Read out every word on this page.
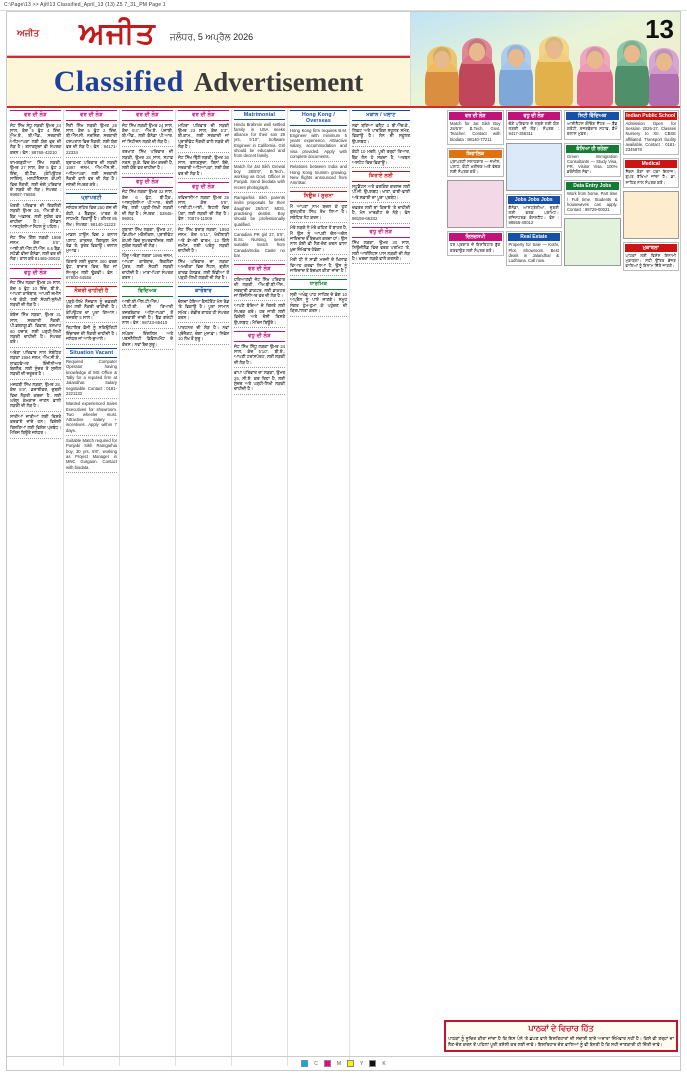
C:\Page\13 >> Ajit\13 Classified_April_13 (13) Z5 7_31_PM Page 1
ਅਜੀਤ	ਅਜੀਤ ਜਲੰਧਰ, 5 ਅਪ੍ਰੈਲ 2026
Classified Advertisement
13
ਵਰ ਦੀ ਲੋੜ
ਜੱਟ ਸਿੱਖ ਸੰਧੂ ਲੜਕੀ ਉਮਰ 24 ਸਾਲ, ਕੱਦ 5 ਫੁੱਟ 4 ਇੰਚ, ਐਮ.ਏ., ਬੀ.ਐੱਡ., ਸਰਕਾਰੀ ਅਧਿਆਪਕਾ ਲਈ ਯੋਗ ਵਰ ਦੀ ਲੋੜ ਹੈ। ਤਲਾਕਸ਼ੁਦਾ ਵੀ ਸੰਪਰਕ ਕਰਨ। ਫੋਨ : 98765-43210
ਰਾਮਗੜ੍ਹੀਆ ਸਿੱਖ ਲੜਕੀ, ਉਮਰ 27 ਸਾਲ, ਕੱਦ 5 ਫੁੱਟ 3 ਇੰਚ, ਬੀ.ਟੈੱਕ. (ਕੰਪਿਊਟਰ ਸਾਇੰਸ), ਮਲਟੀਨੈਸ਼ਨਲ ਕੰਪਨੀ ਵਿਚ ਨੌਕਰੀ, ਲਈ ਚੰਗੇ ਪਰਿਵਾਰ ਦੇ ਲੜਕੇ ਦੀ ਲੋੜ। ਸੰਪਰਕ : 99887-76655
ਖੱਤਰੀ ਪਰਿਵਾਰ ਦੀ ਇਕਲੌਤੀ ਲੜਕੀ ਉਮਰ 25, ਐੱਮ.ਬੀ.ਏ., ਬੈਂਕ ਅਫ਼ਸਰ, ਲਈ ਸੁਯੋਗ ਵਰ ਚਾਹੀਦਾ ਹੈ। ਕੈਨੇਡਾ/ਆਸਟ੍ਰੇਲੀਆ ਸੈਟਲ ਨੂੰ ਪਹਿਲ।
ਜੱਟ ਸਿੱਖ ਗਿੱਲ ਲੜਕੀ 1998 ਜਨਮ, ਕੱਦ 5'5", ਆਈ.ਈ.ਐੱਲ.ਟੀ.ਐੱਸ. 6.5 ਬੈਂਡ, ਸਟੱਡੀ ਵੀਜ਼ਾ ਕੈਨੇਡਾ, ਲਈ ਵਰ ਦੀ ਲੋੜ। ਕਾਲ ਕਰੋ 81465-30022
ਵਧੂ ਦੀ ਲੋੜ
ਜੱਟ ਸਿੱਖ ਲੜਕਾ ਉਮਰ 29 ਸਾਲ, ਕੱਦ 5 ਫੁੱਟ 10 ਇੰਚ, ਬੀ.ਏ., ਆਪਣਾ ਕਾਰੋਬਾਰ, ਆਪਣੀ ਜ਼ਮੀਨ ਅਤੇ ਕੋਠੀ, ਲਈ ਸੋਹਣੀ-ਸੁਨੱਖੀ ਲੜਕੀ ਦੀ ਲੋੜ ਹੈ।
ਕੰਬੋਜ ਸਿੱਖ ਲੜਕਾ, ਉਮਰ 31 ਸਾਲ, ਸਰਕਾਰੀ ਨੌਕਰੀ, ਪੀ.ਡਬਲਯੂ.ਡੀ. ਵਿਭਾਗ, ਤਨਖਾਹ 60 ਹਜ਼ਾਰ, ਲਈ ਪੜ੍ਹੀ-ਲਿਖੀ ਲੜਕੀ ਚਾਹੀਦੀ ਹੈ। ਸੰਪਰਕ ਕਰੋ।
ਅਰੋੜਾ ਪਰਿਵਾਰ ਨਾਲ ਸੰਬੰਧਿਤ ਲੜਕਾ 1994 ਜਨਮ, ਐੱਮ.ਸੀ.ਏ., ਸਾਫ਼ਟਵੇਅਰ ਇੰਜੀਨੀਅਰ ਬੰਗਲੌਰ, ਲਈ ਸੁੰਦਰ ਤੇ ਸੁਸ਼ੀਲ ਲੜਕੀ ਦੀ ਜ਼ਰੂਰਤ ਹੈ।
ਮਜ਼ਹਬੀ ਸਿੱਖ ਲੜਕਾ, ਉਮਰ 28, ਕੱਦ 5'9", ਡਰਾਈਵਰ, ਦੁਬਈ ਵਿਚ ਨੌਕਰੀ ਕਰਦਾ ਹੈ, ਲਈ ਘਰੇਲੂ ਕੰਮਕਾਜ ਜਾਣਨ ਵਾਲੀ ਲੜਕੀ ਦੀ ਲੋੜ ਹੈ।
ਸਾਰੀਆਂ ਜਾਤੀਆਂ ਲਈ ਰਿਸ਼ਤੇ ਕਰਵਾਏ ਜਾਂਦੇ ਹਨ। ਵਿਦੇਸ਼ੀ ਰਿਸ਼ਤਿਆਂ ਲਈ ਵਿਸ਼ੇਸ਼ ਪ੍ਰਬੰਧ। ਮੈਰਿਜ ਬਿਊਰੋ ਜਲੰਧਰ।
ਵਰ ਦੀ ਲੋੜ
ਸੈਣੀ ਸਿੱਖ ਲੜਕੀ ਉਮਰ 26 ਸਾਲ, ਕੱਦ 5 ਫੁੱਟ 2 ਇੰਚ, ਬੀ.ਐੱਸ.ਸੀ. ਨਰਸਿੰਗ, ਸਰਕਾਰੀ ਹਸਪਤਾਲ ਵਿਚ ਨੌਕਰੀ, ਲਈ ਯੋਗ ਵਰ ਦੀ ਲੋੜ ਹੈ। ਫੋਨ : 94171-22334
ਬ੍ਰਾਹਮਣ ਪਰਿਵਾਰ ਦੀ ਲੜਕੀ 1997 ਜਨਮ, ਐੱਮ.ਐੱਸ.ਸੀ., ਅਧਿਆਪਕਾ, ਲਈ ਸਰਕਾਰੀ ਨੌਕਰੀ ਵਾਲੇ ਵਰ ਦੀ ਲੋੜ ਹੈ। ਜਲਦੀ ਸੰਪਰਕ ਕਰੋ।
ਪ੍ਰਾਪਰਟੀ
ਜਲੰਧਰ ਸ਼ਹਿਰ ਵਿਚ 250 ਗਜ਼ ਦੀ ਕੋਠੀ, 4 ਬੈੱਡਰੂਮ, ਪਾਰਕ ਦੇ ਸਾਹਮਣੇ, ਵਿਕਾਊ ਹੈ। ਕੀਮਤ 85 ਲੱਖ। ਸੰਪਰਕ : 98140-11223
ਮਾਡਲ ਟਾਊਨ ਵਿਚ 2 ਕਨਾਲ ਪਲਾਟ, ਕਾਰਨਰ, ਬਿਲਕੁਲ ਮੇਨ ਰੋਡ 'ਤੇ, ਤੁਰੰਤ ਵਿਕਾਊ। ਦਲਾਲ ਮੁਆਫ਼।
ਕਿਰਾਏ ਲਈ ਦੁਕਾਨ 300 ਵਰਗ ਫੁੱਟ, ਬਾਜ਼ਾਰ ਵਿਚ, ਬੈਂਕ ਜਾਂ ਸ਼ੋਅਰੂਮ ਲਈ ਢੁੱਕਵੀਂ। ਫੋਨ : 97800-44556
ਨੌਕਰੀ ਚਾਹੀਦੀ ਹੈ
ਪੜ੍ਹੇ-ਲਿਖੇ ਨੌਜਵਾਨ ਨੂੰ ਦਫ਼ਤਰੀ ਕੰਮ ਲਈ ਨੌਕਰੀ ਚਾਹੀਦੀ ਹੈ। ਕੰਪਿਊਟਰ ਦਾ ਪੂਰਾ ਗਿਆਨ। ਤਜਰਬਾ 5 ਸਾਲ।
ਰਿਟਾਇਰ ਫ਼ੌਜੀ ਨੂੰ ਸਕਿਉਰਿਟੀ ਇੰਚਾਰਜ ਦੀ ਨੌਕਰੀ ਚਾਹੀਦੀ ਹੈ। ਜਲੰਧਰ ਜਾਂ ਆਲੇ-ਦੁਆਲੇ।
Situation Vacant
Required Computer Operator having knowledge of MS Office & Tally for a reputed firm at Jalandhar. Salary negotiable. Contact : 0181-2221133
Wanted experienced Sales Executives for showroom. Two wheeler must. Attractive salary + incentives. Apply within 7 days.
Suitable Match required for Punjabi Sikh Ramgarhia boy, 30 yrs, 5'8", working as Project Manager in MNC Gurgaon. Contact with biodata.
ਵਰ ਦੀ ਲੋੜ
ਜੱਟ ਸਿੱਖ ਲੜਕੀ ਉਮਰ 24 ਸਾਲ, ਕੱਦ 5'4", ਐੱਮ.ਏ. ਪੰਜਾਬੀ, ਬੀ.ਐੱਡ., ਲਈ ਕੈਨੇਡਾ ਪੀ.ਆਰ. ਜਾਂ ਸਿਟੀਜ਼ਨ ਲੜਕੇ ਦੀ ਲੋੜ ਹੈ।
ਤਰਖਾਣ ਸਿੱਖ ਪਰਿਵਾਰ ਦੀ ਲੜਕੀ, ਉਮਰ 28 ਸਾਲ, ਸਟਾਫ਼ ਨਰਸ, ਯੂ.ਕੇ. ਵਿਚ ਕੰਮ ਕਰਦੀ ਹੈ, ਲਈ ਯੋਗ ਵਰ ਚਾਹੀਦਾ ਹੈ।
ਵਧੂ ਦੀ ਲੋੜ
ਜੱਟ ਸਿੱਖ ਲੜਕਾ ਉਮਰ 32 ਸਾਲ, ਕੱਦ 6 ਫੁੱਟ, ਬੀ.ਟੈੱਕ., ਆਸਟ੍ਰੇਲੀਆ ਪੀ.ਆਰ., ਚੰਗੀ ਜੌਬ, ਲਈ ਪੜ੍ਹੀ-ਲਿਖੀ ਲੜਕੀ ਦੀ ਲੋੜ ਹੈ। ਸੰਪਰਕ : 62845-99001
ਲੁਬਾਣਾ ਸਿੱਖ ਲੜਕਾ, ਉਮਰ 27, ਡਿਪਲੋਮਾ ਮਕੈਨੀਕਲ, ਪ੍ਰਾਈਵੇਟ ਕੰਪਨੀ ਵਿਚ ਸੁਪਰਵਾਈਜ਼ਰ, ਲਈ ਸੁਯੋਗ ਲੜਕੀ ਦੀ ਲੋੜ।
ਹਿੰਦੂ ਅਰੋੜਾ ਲੜਕਾ 1995 ਜਨਮ, ਆਪਣਾ ਕਾਰੋਬਾਰ, ਇਕਲੌਤਾ ਪੁੱਤਰ, ਲਈ ਸੋਹਣੀ ਲੜਕੀ ਚਾਹੀਦੀ ਹੈ। ਮਾਤਾ-ਪਿਤਾ ਸੰਪਰਕ ਕਰਨ।
ਵਿਦਿਅਕ
ਆਈ.ਈ.ਐੱਲ.ਟੀ.ਐੱਸ./ਪੀ.ਟੀ.ਈ. ਦੀ ਤਿਆਰੀ ਤਜਰਬੇਕਾਰ ਅਧਿਆਪਕਾਂ ਤੋਂ ਕਰਵਾਈ ਜਾਂਦੀ ਹੈ। ਬੈਂਡ ਗਰੰਟੀ ਨਾਲ। ਫੋਨ : 98723-65410
ਸਪੋਕਨ ਇੰਗਲਿਸ਼ ਅਤੇ ਪਰਸਨੈਲਿਟੀ ਡਿਵੈਲਪਮੈਂਟ ਦੇ ਕੋਰਸ। ਨਵਾਂ ਬੈਚ ਸ਼ੁਰੂ।
ਵਰ ਦੀ ਲੋੜ
ਮਹਿਰਾ ਪਰਿਵਾਰ ਦੀ ਲੜਕੀ ਉਮਰ 23 ਸਾਲ, ਕੱਦ 5'3", ਬੀ.ਕਾਮ., ਲਈ ਸਰਕਾਰੀ ਜਾਂ ਪ੍ਰਾਈਵੇਟ ਨੌਕਰੀ ਵਾਲੇ ਲੜਕੇ ਦੀ ਲੋੜ ਹੈ।
ਜੱਟ ਸਿੱਖ ਢਿੱਲੋਂ ਲੜਕੀ, ਉਮਰ 30 ਸਾਲ, ਤਲਾਕਸ਼ੁਦਾ, ਬਿਨਾਂ ਬੱਚੇ, ਸਰਕਾਰੀ ਅਧਿਆਪਕਾ, ਲਈ ਯੋਗ ਵਰ ਦੀ ਲੋੜ ਹੈ।
ਵਧੂ ਦੀ ਲੋੜ
ਰਵਿਦਾਸੀਆ ਲੜਕਾ ਉਮਰ 26 ਸਾਲ, ਕੱਦ 5'8", ਆਈ.ਟੀ.ਆਈ., ਇਟਲੀ ਵਿਚ ਪੱਕਾ, ਲਈ ਲੜਕੀ ਦੀ ਲੋੜ ਹੈ। ਫੋਨ : 70874-11009
ਜੱਟ ਸਿੱਖ ਬਰਾੜ ਲੜਕਾ, 1993 ਜਨਮ, ਕੱਦ 5'11", ਖੇਤੀਬਾੜੀ ਅਤੇ ਡੇਅਰੀ ਫਾਰਮ, 12 ਕਿੱਲੇ ਜ਼ਮੀਨ, ਲਈ ਘਰੇਲੂ ਲੜਕੀ ਚਾਹੀਦੀ ਹੈ।
ਸਿੱਖ ਪਰਿਵਾਰ ਦਾ ਲੜਕਾ ਅਮਰੀਕਾ ਵਿਚ ਸੈਟਲ, ਗ੍ਰੀਨ ਕਾਰਡ ਹੋਲਡਰ, ਲਈ ਇੰਡੀਆ ਤੋਂ ਪੜ੍ਹੀ-ਲਿਖੀ ਲੜਕੀ ਦੀ ਲੋੜ ਹੈ।
ਕਾਰੋਬਾਰ
ਚੱਲਦਾ ਹੋਇਆ ਰੈਸਟੋਰੈਂਟ ਮੇਨ ਰੋਡ 'ਤੇ ਵਿਕਾਊ ਹੈ। ਪੂਰਾ ਸਾਮਾਨ ਸਮੇਤ। ਗੰਭੀਰ ਗਾਹਕ ਹੀ ਸੰਪਰਕ ਕਰਨ।
ਪਾਰਟਨਰ ਦੀ ਲੋੜ ਹੈ। ਨਵਾਂ ਪ੍ਰੋਜੈਕਟ, ਚੰਗਾ ਮੁਨਾਫ਼ਾ। ਨਿਵੇਸ਼ 10 ਲੱਖ ਤੋਂ ਸ਼ੁਰੂ।
Matrimonial
Hindu Brahmin well settled family in USA seeks alliance for their son 29 yrs, 5'10", Software Engineer in California. Girl should be educated and from decent family.
Match for Jat Sikh Grewal boy 28/5'9", B.Tech., working as Govt. Officer in Punjab. Send biodata with recent photograph.
Ramgarhia Sikh parents invite proposals for their daughter 26/5'4", MDS, practising dentist. Boy should be professionally qualified.
Canadian PR girl 27, 5'5", B.Sc. Nursing, seeks suitable match from Canada/India. Caste no bar.
ਵਰ ਦੀ ਲੋੜ
ਹਰਿਆਣਵੀ ਜੱਟ ਸਿੱਖ ਪਰਿਵਾਰ ਦੀ ਲੜਕੀ, ਐੱਮ.ਬੀ.ਬੀ.ਐੱਸ., ਸਰਕਾਰੀ ਡਾਕਟਰ, ਲਈ ਡਾਕਟਰ ਜਾਂ ਇੰਜੀਨੀਅਰ ਵਰ ਦੀ ਲੋੜ ਹੈ।
ਆਪਣੇ ਬੱਚਿਆਂ ਦੇ ਰਿਸ਼ਤੇ ਲਈ ਸੰਪਰਕ ਕਰੋ। ਹਰ ਜਾਤੀ ਲਈ ਵਿਦੇਸ਼ੀ ਅਤੇ ਦੇਸੀ ਰਿਸ਼ਤੇ ਉਪਲਬਧ। ਮੈਰਿਜ ਬਿਊਰੋ।
ਵਧੂ ਦੀ ਲੋੜ
ਜੱਟ ਸਿੱਖ ਸਿੱਧੂ ਲੜਕਾ ਉਮਰ 34 ਸਾਲ, ਕੱਦ 5'10", ਬੀ.ਏ., ਆਪਣੀ ਟਰਾਂਸਪੋਰਟ, ਲਈ ਲੜਕੀ ਦੀ ਲੋੜ ਹੈ।
ਭਾਪਾ ਪਰਿਵਾਰ ਦਾ ਲੜਕਾ, ਉਮਰ 25, ਸੀ.ਏ. ਕਰ ਰਿਹਾ ਹੈ, ਲਈ ਸੁੰਦਰ ਅਤੇ ਪੜ੍ਹੀ-ਲਿਖੀ ਲੜਕੀ ਚਾਹੀਦੀ ਹੈ।
Hong Kong / Overseas
Hong Kong firm requires B.M. Engineer with minimum 5 years experience. Attractive salary, accommodation and visa provided. Apply with complete documents.
Relations between India and Hong Kong tourism growing. New flights announced from Amritsar.
ਨਿਊਜ਼ / ਸੂਚਨਾ
ਮੈਂ ਆਪਣਾ ਨਾਮ ਬਦਲ ਕੇ ਹੁਣ ਗੁਰਪ੍ਰੀਤ ਸਿੰਘ ਰੱਖ ਲਿਆ ਹੈ। ਸਬੰਧਿਤ ਨੋਟ ਕਰਨ।
ਮੇਰੇ ਲੜਕੇ ਨੇ ਮੇਰੇ ਕਹਿਣ ਤੋਂ ਬਾਹਰ ਹੈ, ਮੈਂ ਉਸ ਨੂੰ ਆਪਣੀ ਚੱਲ-ਅਚੱਲ ਜਾਇਦਾਦ ਤੋਂ ਬੇਦਖ਼ਲ ਕਰਦਾ ਹਾਂ। ਉਸ ਨਾਲ ਕੋਈ ਵੀ ਲੈਣ-ਦੇਣ ਕਰਨ ਵਾਲਾ ਖ਼ੁਦ ਜ਼ਿੰਮੇਵਾਰ ਹੋਵੇਗਾ।
ਮੇਰੀ ਧੀ ਨੇ ਸਾਡੀ ਮਰਜ਼ੀ ਦੇ ਖ਼ਿਲਾਫ਼ ਵਿਆਹ ਕਰਵਾ ਲਿਆ ਹੈ, ਉਸ ਨੂੰ ਜਾਇਦਾਦ ਤੋਂ ਬੇਦਖ਼ਲ ਕੀਤਾ ਜਾਂਦਾ ਹੈ।
ਧਾਰਮਿਕ
ਸ੍ਰੀ ਅਖੰਡ ਪਾਠ ਸਾਹਿਬ ਦੇ ਭੋਗ 10 ਅਪ੍ਰੈਲ ਨੂੰ ਪਾਏ ਜਾਣਗੇ। ਸਮੂਹ ਸੰਗਤ ਹੁੰਮ-ਹੁਮਾ ਕੇ ਪਹੁੰਚਣ ਦੀ ਕ੍ਰਿਪਾਲਤਾ ਕਰਨ।
ਮਕਾਨ / ਪਲਾਟ
ਨਵਾਂ ਬਣਿਆ ਫਲੈਟ 3 ਬੀ.ਐੱਚ.ਕੇ., ਲਿਫ਼ਟ ਅਤੇ ਪਾਰਕਿੰਗ ਸਹੂਲਤ ਸਮੇਤ, ਵਿਕਾਊ ਹੈ। ਲੋਨ ਦੀ ਸਹੂਲਤ ਉਪਲਬਧ।
ਕੋਠੀ 10 ਮਰਲੇ, ਪੂਰੀ ਤਰ੍ਹਾਂ ਤਿਆਰ, ਬੈਂਕ ਲੋਨ ਹੋ ਸਕਦਾ ਹੈ, ਅਰਬਨ ਅਸਟੇਟ ਵਿਚ ਵਿਕਾਊ।
ਕਿਰਾਏ ਲਈ
ਸਟੂਡੈਂਟਸ ਅਤੇ ਵਰਕਿੰਗ ਗਰਲਜ਼ ਲਈ ਪੀ.ਜੀ. ਉਪਲਬਧ। ਖਾਣਾ, ਵਾਈ-ਫਾਈ ਅਤੇ ਸਫ਼ਾਈ ਦਾ ਪੂਰਾ ਪ੍ਰਬੰਧ।
ਦਫ਼ਤਰ ਲਈ ਥਾਂ ਕਿਰਾਏ 'ਤੇ ਚਾਹੀਦੀ ਹੈ, ਮੇਨ ਮਾਰਕੀਟ ਦੇ ਨੇੜੇ। ਫੋਨ 98159-66332
ਵਧੂ ਦੀ ਲੋੜ
ਸਿੱਖ ਲੜਕਾ, ਉਮਰ 30 ਸਾਲ, ਨਿਊਜ਼ੀਲੈਂਡ ਵਿਚ ਵਰਕ ਪਰਮਿਟ 'ਤੇ, ਲਈ ਆਈਲੈਟਸ ਪਾਸ ਲੜਕੀ ਦੀ ਲੋੜ ਹੈ। ਖ਼ਰਚਾ ਲੜਕੇ ਵਾਲੇ ਕਰਨਗੇ।
ਵਰ ਦੀ ਲੋੜ
Match for Jat Sikh Boy 28/5'9" B.Tech. Govt. Teacher. Contact with biodata : 98140-77211
ਸ਼ਿਵਾਲਿਕ
ਪ੍ਰਾਪਰਟੀ ਸਲਾਹਕਾਰ — ਜ਼ਮੀਨ, ਪਲਾਟ, ਕੋਠੀ ਖ਼ਰੀਦਣ ਅਤੇ ਵੇਚਣ ਲਈ ਸੰਪਰਕ ਕਰੋ।
ਦਿਲਚਸਪੀ
ਹਰ ਪ੍ਰਕਾਰ ਦੇ ਇਸ਼ਤਿਹਾਰ ਬੁੱਕ ਕਰਵਾਉਣ ਲਈ ਸੰਪਰਕ ਕਰੋ।
ਵਧੂ ਦੀ ਲੋੜ
ਚੰਗੇ ਪਰਿਵਾਰ ਦੇ ਲੜਕੇ ਲਈ ਯੋਗ ਲੜਕੀ ਦੀ ਲੋੜ। ਸੰਪਰਕ : 9417-256311
Jobs Jobs Jobs
ਕੈਨੇਡਾ, ਆਸਟ੍ਰੇਲੀਆ, ਦੁਬਈ ਲਈ ਵਰਕ ਪਰਮਿਟ। ਰਜਿਸਟਰਡ ਕੰਸਲਟੈਂਟ। ਫੋਨ : 98555-40012
Real Estate
Property for Sale — Kothi, Plot, Showroom. Best deals in Jalandhar & Ludhiana. Call now.
ਸਿਟੀ ਵਿੱਦਿਅਕ
ਆਈਲੈਟਸ ਕੋਚਿੰਗ ਸੈਂਟਰ — ਬੈਂਡ ਗਰੰਟੀ, ਤਜਰਬੇਕਾਰ ਸਟਾਫ਼, ਡੈਮੋ ਕਲਾਸ ਮੁਫ਼ਤ।
ਕੰਨਿਆ ਹੀ ਰਹੇਗਾ
Green Immigration Consultants — Study Visa, PR, Visitor Visa. 100% ਭਰੋਸੇਯੋਗ ਸੇਵਾ।
Data Entry Jobs
Work from home. Part time / Full time. Students & housewives can apply. Contact : 98729-00021
Indian Public School
Admission Open for Session 2026-27. Classes Nursery to XII. CBSE affiliated. Transport facility available. Contact : 0181-2345678
Medical
ਸੈਕਸ ਰੋਗਾਂ ਦਾ ਪੱਕਾ ਇਲਾਜ। ਗੁਪਤ ਰੱਖਿਆ ਜਾਂਦਾ ਹੈ। ਡਾ. ਸਾਹਿਬ ਨਾਲ ਸੰਪਰਕ ਕਰੋ।
ਮੁਕਾਬਲਾ
ਪਾਠਕਾਂ ਲਈ ਵਿਸ਼ੇਸ਼ ਇਨਾਮੀ ਮੁਕਾਬਲਾ। ਸਹੀ ਉੱਤਰ ਭੇਜਣ ਵਾਲਿਆਂ ਨੂੰ ਇਨਾਮ ਦਿੱਤੇ ਜਾਣਗੇ।
ਪਾਠਕਾਂ ਦੇ ਵਿਚਾਰ ਹਿੱਤ
ਪਾਠਕਾਂ ਨੂੰ ਸੂਚਿਤ ਕੀਤਾ ਜਾਂਦਾ ਹੈ ਕਿ ਇਸ ਪੰਨੇ 'ਤੇ ਛਪਣ ਵਾਲੇ ਇਸ਼ਤਿਹਾਰਾਂ ਦੀ ਸਚਾਈ ਬਾਰੇ ਅਦਾਰਾ ਜ਼ਿੰਮੇਵਾਰ ਨਹੀਂ ਹੈ। ਕਿਸੇ ਵੀ ਤਰ੍ਹਾਂ ਦਾ ਲੈਣ-ਦੇਣ ਕਰਨ ਤੋਂ ਪਹਿਲਾਂ ਪੂਰੀ ਤਸੱਲੀ ਕਰ ਲਈ ਜਾਵੇ। ਇਸ਼ਤਿਹਾਰ ਦੇਣ ਵਾਲਿਆਂ ਨੂੰ ਵੀ ਬੇਨਤੀ ਹੈ ਕਿ ਸਹੀ ਜਾਣਕਾਰੀ ਹੀ ਦਿੱਤੀ ਜਾਵੇ।
CMYK
C	M	Y	K
